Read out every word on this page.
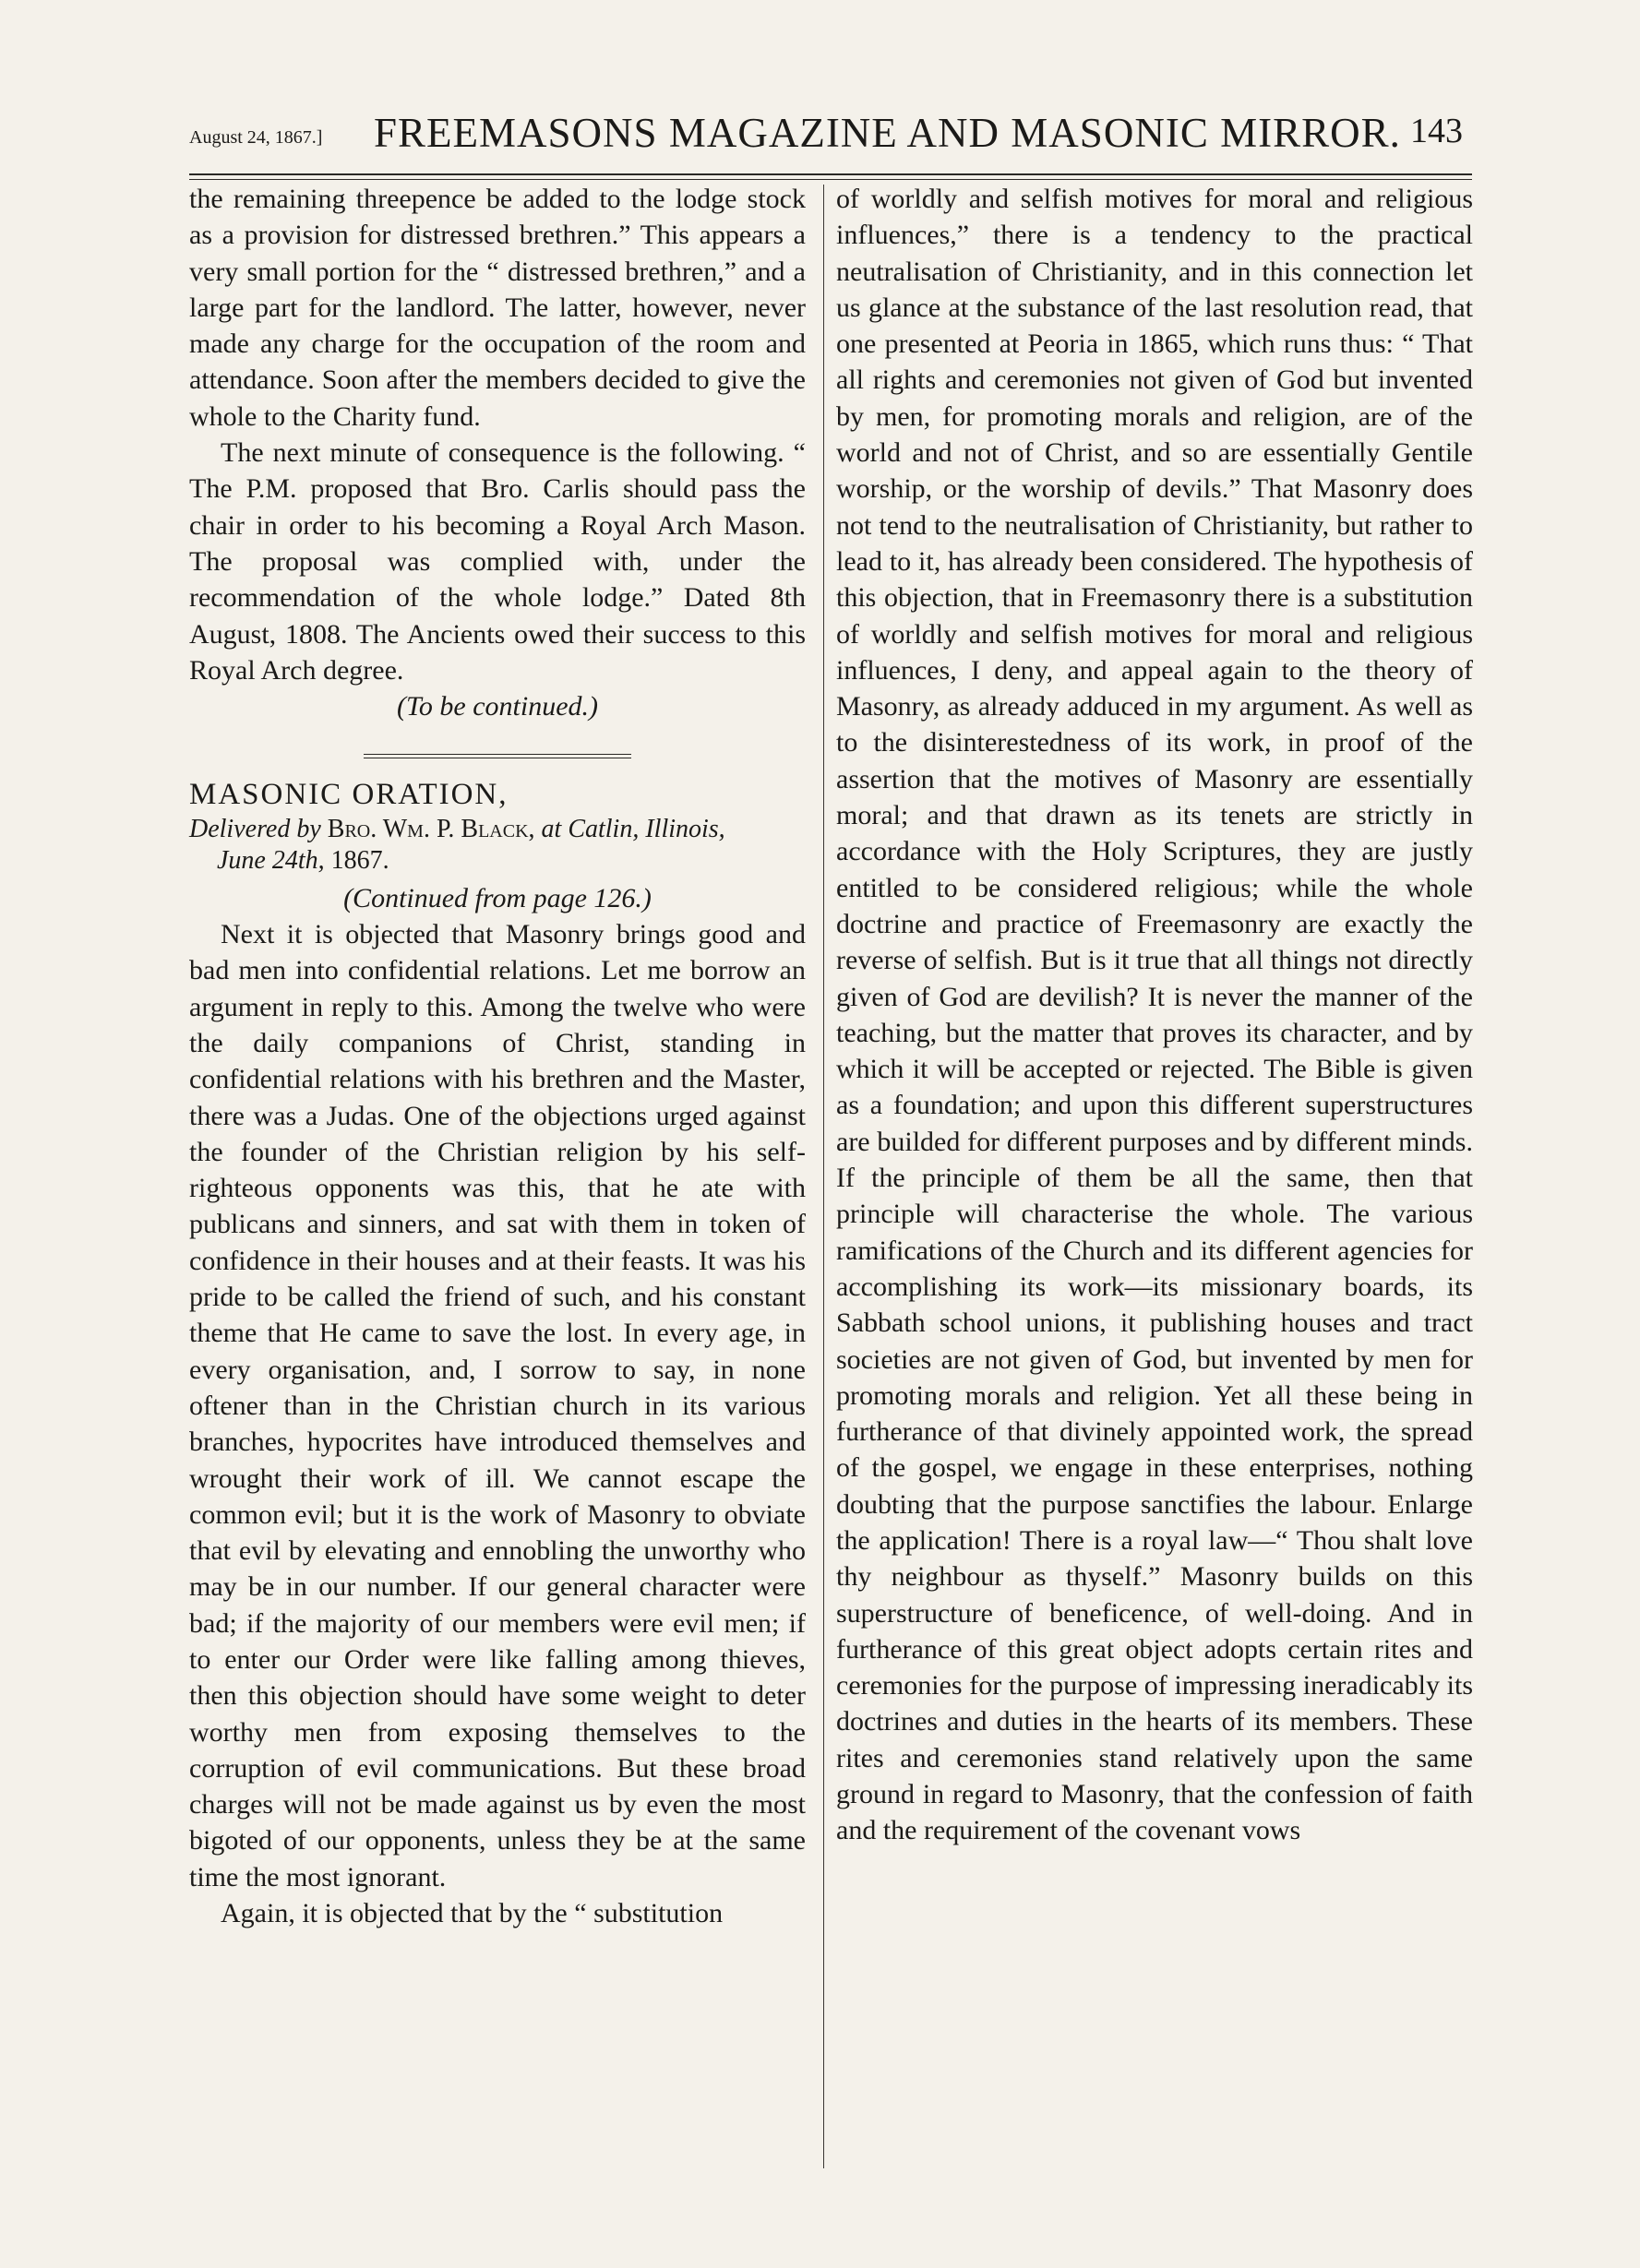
August 24, 1867.] FREEMASONS MAGAZINE AND MASONIC MIRROR. 143

the remaining threepence be added to the lodge stock as a provision for distressed brethren.” This appears a very small portion for the “ distressed brethren,” and a large part for the landlord. The latter, however, never made any charge for the occupation of the room and attendance. Soon after the members decided to give the whole to the Charity fund.

The next minute of consequence is the following. “ The P.M. proposed that Bro. Carlis should pass the chair in order to his becoming a Royal Arch Mason. The proposal was complied with, under the recommendation of the whole lodge.” Dated 8th August, 1808. The Ancients owed their success to this Royal Arch degree.

(To be continued.)

MASONIC ORATION,

Delivered by Bro. Wm. P. Black, at Catlin, Illinois,

June 24th, 1867.

(Continued from page 126.)

Next it is objected that Masonry brings good and bad men into confidential relations. Let me borrow an argument in reply to this. Among the twelve who were the daily companions of Christ, standing in confidential relations with his brethren and the Master, there was a Judas. One of the objections urged against the founder of the Christian religion by his self-righteous opponents was this, that he ate with publicans and sinners, and sat with them in token of confidence in their houses and at their feasts. It was his pride to be called the friend of such, and his constant theme that He came to save the lost. In every age, in every organisation, and, I sorrow to say, in none oftener than in the Christian church in its various branches, hypocrites have introduced themselves and wrought their work of ill. We cannot escape the common evil; but it is the work of Masonry to obviate that evil by elevating and ennobling the unworthy who may be in our number. If our general character were bad; if the majority of our members were evil men; if to enter our Order were like falling among thieves, then this objection should have some weight to deter worthy men from exposing themselves to the corruption of evil communications. But these broad charges will not be made against us by even the most bigoted of our opponents, unless they be at the same time the most ignorant.

Again, it is objected that by the “ substitution

of worldly and selfish motives for moral and religious influences,” there is a tendency to the practical neutralisation of Christianity, and in this connection let us glance at the substance of the last resolution read, that one presented at Peoria in 1865, which runs thus: “ That all rights and ceremonies not given of God but invented by men, for promoting morals and religion, are of the world and not of Christ, and so are essentially Gentile worship, or the worship of devils.” That Masonry does not tend to the neutralisation of Christianity, but rather to lead to it, has already been considered. The hypothesis of this objection, that in Freemasonry there is a substitution of worldly and selfish motives for moral and religious influences, I deny, and appeal again to the theory of Masonry, as already adduced in my argument. As well as to the disinterestedness of its work, in proof of the assertion that the motives of Masonry are essentially moral; and that drawn as its tenets are strictly in accordance with the Holy Scriptures, they are justly entitled to be considered religious; while the whole doctrine and practice of Freemasonry are exactly the reverse of selfish. But is it true that all things not directly given of God are devilish? It is never the manner of the teaching, but the matter that proves its character, and by which it will be accepted or rejected. The Bible is given as a foundation; and upon this different superstructures are builded for different purposes and by different minds. If the principle of them be all the same, then that principle will characterise the whole. The various ramifications of the Church and its different agencies for accomplishing its work—its missionary boards, its Sabbath school unions, it publishing houses and tract societies are not given of God, but invented by men for promoting morals and religion. Yet all these being in furtherance of that divinely appointed work, the spread of the gospel, we engage in these enterprises, nothing doubting that the purpose sanctifies the labour. Enlarge the application! There is a royal law—“ Thou shalt love thy neighbour as thyself.” Masonry builds on this superstructure of beneficence, of well-doing. And in furtherance of this great object adopts certain rites and ceremonies for the purpose of impressing ineradicably its doctrines and duties in the hearts of its members. These rites and ceremonies stand relatively upon the same ground in regard to Masonry, that the confession of faith and the requirement of the covenant vows
